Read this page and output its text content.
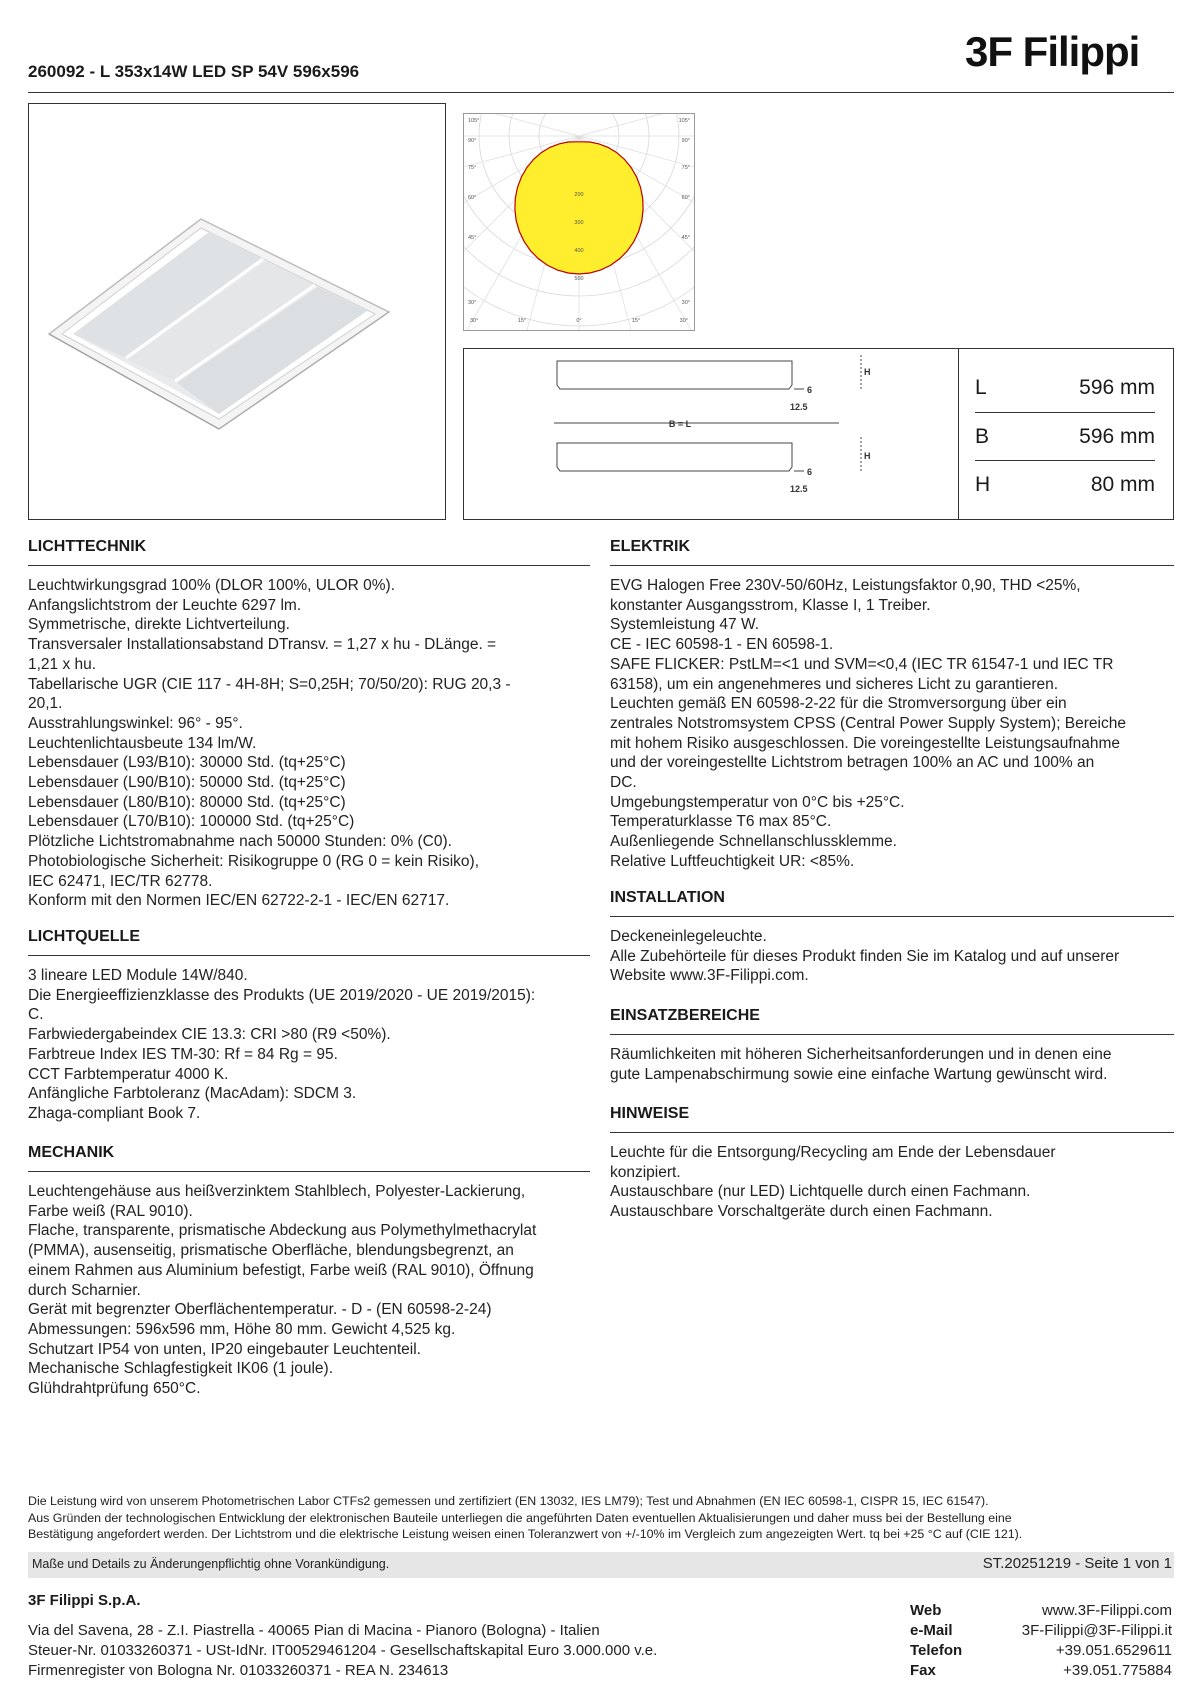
3F Filippi
260092 - L 353x14W LED SP 54V 596x596
200
300
400
500
105°
90°
75°
60°
45°
30°
105°
90°
75°
60°
45°
30°
30°	15°	0°	15°	30°
B = L
H
H
6
6
12.5
12.5
L	596 mm
B	596 mm
H	80 mm
LICHTTECHNIK

Leuchtwirkungsgrad 100% (DLOR 100%, ULOR 0%).

Anfangslichtstrom der Leuchte 6297 lm.

Symmetrische, direkte Lichtverteilung.

Transversaler Installationsabstand DTransv. = 1,27 x hu - DLänge. =

1,21 x hu.

Tabellarische UGR (CIE 117 - 4H-8H; S=0,25H; 70/50/20): RUG 20,3 -

20,1.

Ausstrahlungswinkel: 96° - 95°.

Leuchtenlichtausbeute 134 lm/W.

Lebensdauer (L93/B10): 30000 Std. (tq+25°C)

Lebensdauer (L90/B10): 50000 Std. (tq+25°C)

Lebensdauer (L80/B10): 80000 Std. (tq+25°C)

Lebensdauer (L70/B10): 100000 Std. (tq+25°C)

Plötzliche Lichtstromabnahme nach 50000 Stunden: 0% (C0).

Photobiologische Sicherheit: Risikogruppe 0 (RG 0 = kein Risiko),

IEC 62471, IEC/TR 62778.

Konform mit den Normen IEC/EN 62722-2-1 - IEC/EN 62717.

LICHTQUELLE

3 lineare LED Module 14W/840.

Die Energieeffizienzklasse des Produkts (UE 2019/2020 - UE 2019/2015):

C.

Farbwiedergabeindex CIE 13.3: CRI >80 (R9 <50%).

Farbtreue Index IES TM-30: Rf = 84 Rg = 95.

CCT Farbtemperatur 4000 K.

Anfängliche Farbtoleranz (MacAdam): SDCM 3.

Zhaga-compliant Book 7.

MECHANIK

Leuchtengehäuse aus heißverzinktem Stahlblech, Polyester-Lackierung,

Farbe weiß (RAL 9010).

Flache, transparente, prismatische Abdeckung aus Polymethylmethacrylat

(PMMA), ausenseitig, prismatische Oberfläche, blendungsbegrenzt, an

einem Rahmen aus Aluminium befestigt, Farbe weiß (RAL 9010), Öffnung

durch Scharnier.

Gerät mit begrenzter Oberflächentemperatur. - D - (EN 60598-2-24)

Abmessungen: 596x596 mm, Höhe 80 mm. Gewicht 4,525 kg.

Schutzart IP54 von unten, IP20 eingebauter Leuchtenteil.

Mechanische Schlagfestigkeit IK06 (1 joule).

Glühdrahtprüfung 650°C.

ELEKTRIK

EVG Halogen Free 230V-50/60Hz, Leistungsfaktor 0,90, THD <25%,

konstanter Ausgangsstrom, Klasse I, 1 Treiber.

Systemleistung 47 W.

CE - IEC 60598-1 - EN 60598-1.

SAFE FLICKER: PstLM=<1 und SVM=<0,4 (IEC TR 61547-1 und IEC TR

63158), um ein angenehmeres und sicheres Licht zu garantieren.

Leuchten gemäß EN 60598-2-22 für die Stromversorgung über ein

zentrales Notstromsystem CPSS (Central Power Supply System); Bereiche

mit hohem Risiko ausgeschlossen. Die voreingestellte Leistungsaufnahme

und der voreingestellte Lichtstrom betragen 100% an AC und 100% an

DC.

Umgebungstemperatur von 0°C bis +25°C.

Temperaturklasse T6 max 85°C.

Außenliegende Schnellanschlussklemme.

Relative Luftfeuchtigkeit UR: <85%.

INSTALLATION

Deckeneinlegeleuchte.

Alle Zubehörteile für dieses Produkt finden Sie im Katalog und auf unserer

Website www.3F-Filippi.com.

EINSATZBEREICHE

Räumlichkeiten mit höheren Sicherheitsanforderungen und in denen eine

gute Lampenabschirmung sowie eine einfache Wartung gewünscht wird.

HINWEISE

Leuchte für die Entsorgung/Recycling am Ende der Lebensdauer

konzipiert.

Austauschbare (nur LED) Lichtquelle durch einen Fachmann.

Austauschbare Vorschaltgeräte durch einen Fachmann.

Die Leistung wird von unserem Photometrischen Labor CTFs2 gemessen und zertifiziert (EN 13032, IES LM79); Test und Abnahmen (EN IEC 60598-1, CISPR 15, IEC 61547).
Aus Gründen der technologischen Entwicklung der elektronischen Bauteile unterliegen die angeführten Daten eventuellen Aktualisierungen und daher muss bei der Bestellung eine
Bestätigung angefordert werden. Der Lichtstrom und die elektrische Leistung weisen einen Toleranzwert von +/-10% im Vergleich zum angezeigten Wert. tq bei +25 °C auf (CIE 121).
Maße und Details zu Änderungenpflichtig ohne Vorankündigung.	ST.20251219 - Seite 1 von 1
3F Filippi S.p.A.
Via del Savena, 28 - Z.I. Piastrella - 40065 Pian di Macina - Pianoro (Bologna) - Italien
Steuer-Nr. 01033260371 - USt-IdNr. IT00529461204 - Gesellschaftskapital Euro 3.000.000 v.e.
Firmenregister von Bologna Nr. 01033260371 - REA N. 234613
Web	www.3F-Filippi.com
e-Mail	3F-Filippi@3F-Filippi.it
Telefon	+39.051.6529611
Fax	+39.051.775884
